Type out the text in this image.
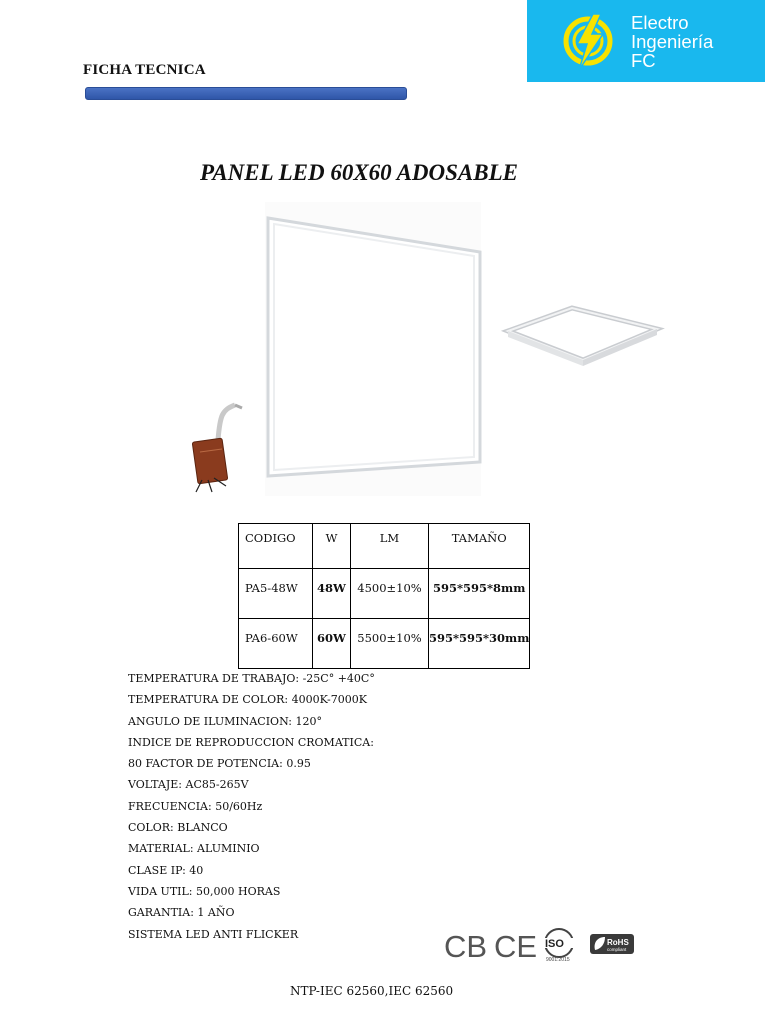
FICHA TECNICA
Electro
Ingeniería
FC
PANEL LED 60X60 ADOSABLE
CODIGO	W	LM	TAMAÑO
PA5-48W	48W	4500±10%	595*595*8mm
PA6-60W	60W	5500±10%	595*595*30mm
TEMPERATURA DE TRABAJO: -25C° +40C°
TEMPERATURA DE COLOR: 4000K-7000K
ANGULO DE ILUMINACION: 120°
INDICE DE REPRODUCCION CROMATICA:
80 FACTOR DE POTENCIA: 0.95
VOLTAJE: AC85-265V
FRECUENCIA: 50/60Hz
COLOR: BLANCO
MATERIAL: ALUMINIO
CLASE IP: 40
VIDA UTIL: 50,000 HORAS
GARANTIA: 1 AÑO
SISTEMA LED ANTI FLICKER	CB CE ISO
9001:2015
RoHS
compliant
NTP-IEC 62560,IEC 62560
